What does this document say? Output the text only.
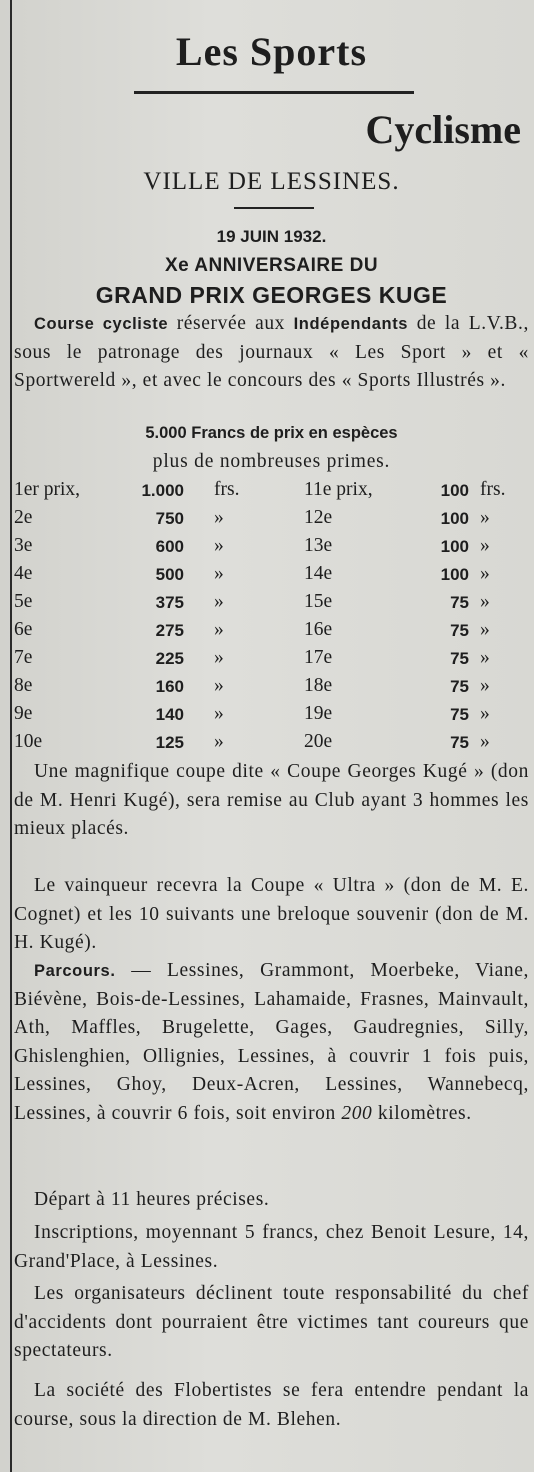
Les Sports
Cyclisme
VILLE DE LESSINES.
19 JUIN 1932.
Xe ANNIVERSAIRE DU
GRAND PRIX GEORGES KUGE
Course cycliste réservée aux Indépendants de la L.V.B., sous le patronage des journaux « Les Sport » et « Sportwereld », et avec le concours des « Sports Illustrés ».
5.000 Francs de prix en espèces
plus de nombreuses primes.
1er prix,	1.000 frs.	11e prix,	100 frs.
2e	750 »	12e	100 »
3e	600 »	13e	100 »
4e	500 »	14e	100 »
5e	375 »	15e	75 »
6e	275 »	16e	75 »
7e	225 »	17e	75 »
8e	160 »	18e	75 »
9e	140 »	19e	75 »
10e	125 »	20e	75 »
Une magnifique coupe dite « Coupe Georges Kugé » (don de M. Henri Kugé), sera remise au Club ayant 3 hommes les mieux placés.
Le vainqueur recevra la Coupe « Ultra » (don de M. E. Cognet) et les 10 suivants une breloque souvenir (don de M. H. Kugé).
Parcours. — Lessines, Grammont, Moerbeke, Viane, Biévène, Bois-de-Lessines, Lahamaide, Frasnes, Mainvault, Ath, Maffles, Brugelette, Gages, Gaudregnies, Silly, Ghislenghien, Ollignies, Lessines, à couvrir 1 fois puis, Lessines, Ghoy, Deux-Acren, Lessines, Wannebecq, Lessines, à couvrir 6 fois, soit environ 200 kilomètres.
Départ à 11 heures précises.
Inscriptions, moyennant 5 francs, chez Benoit Lesure, 14, Grand'Place, à Lessines.
Les organisateurs déclinent toute responsabilité du chef d'accidents dont pourraient être victimes tant coureurs que spectateurs.
La société des Flobertistes se fera entendre pendant la course, sous la direction de M. Blehen.
